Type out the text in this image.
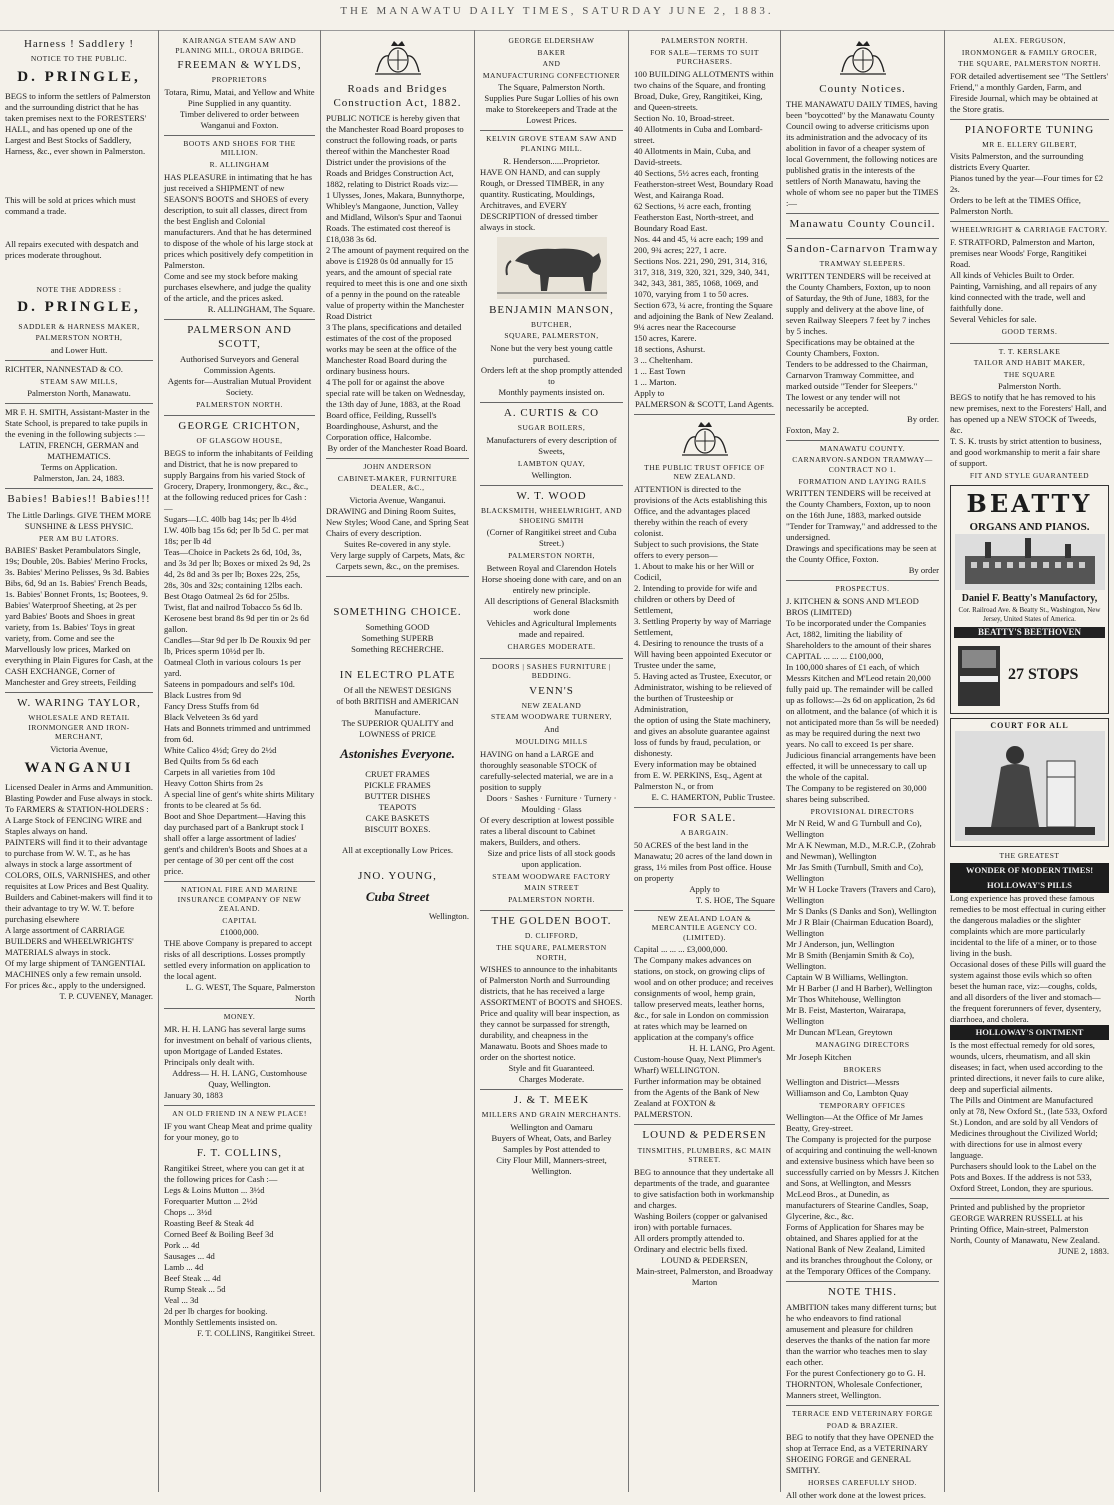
THE MANAWATU DAILY TIMES, SATURDAY JUNE 2, 1883.
Harness ! Saddlery !
NOTICE TO THE PUBLIC.
D. PRINGLE,
BEGS to inform the settlers of Palmerston and the surrounding district that he has taken premises next to the FORESTERS' HALL, and has opened up one of the Largest and Best Stocks of Saddlery, Harness, &c., ever shown in Palmerston.
This will be sold at prices which must command a trade.
All repairs executed with despatch and prices moderate throughout.
NOTE THE ADDRESS :
D. PRINGLE,
SADDLER & HARNESS MAKER,
PALMERSTON NORTH,
and Lower Hutt.
RICHTER, NANNESTAD & CO.
STEAM SAW MILLS,
Palmerston North, Manawatu.
MR F. H. SMITH, Assistant-Master in the State School, is prepared to take pupils in the evening in the following subjects :—
LATIN, FRENCH, GERMAN and MATHEMATICS.
Terms on Application.
Palmerston, Jan. 24, 1883.
Babies! Babies!! Babies!!!
The Little Darlings. GIVE THEM MORE SUNSHINE & LESS PHYSIC.
PER AM BU LATORS.
BABIES' Basket Perambulators Single, 19s; Double, 20s. Babies' Merino Frocks, 3s. Babies' Merino Pelisses, 9s 3d. Babies Bibs, 6d, 9d an 1s. Babies' French Beads, 1s. Babies' Bonnet Fronts, 1s; Bootees, 9. Babies' Waterproof Sheeting, at 2s per yard Babies' Boots and Shoes in great variety, from 1s. Babies' Toys in great variety, from. Come and see the Marvellously low prices, Marked on everything in Plain Figures for Cash, at the CASH EXCHANGE, Corner of Manchester and Grey streets, Feilding
W. WARING TAYLOR,
WHOLESALE AND RETAIL IRONMONGER AND IRON-MERCHANT,
Victoria Avenue,
WANGANUI
Licensed Dealer in Arms and Ammunition. Blasting Powder and Fuse always in stock.
To FARMERS & STATION-HOLDERS : A Large Stock of FENCING WIRE and Staples always on hand.
PAINTERS will find it to their advantage to purchase from W. W. T., as he has always in stock a large assortment of COLORS, OILS, VARNISHES, and other requisites at Low Prices and Best Quality.
Builders and Cabinet-makers will find it to their advantage to try W. W. T. before purchasing elsewhere
A large assortment of CARRIAGE BUILDERS and WHEELWRIGHTS' MATERIALS always in stock.
Of my large shipment of TANGENTIAL MACHINES only a few remain unsold. For prices &c., apply to the undersigned.
T. P. CUVENEY, Manager.
KAIRANGA STEAM SAW AND PLANING MILL, OROUA BRIDGE.
FREEMAN & WYLDS,
PROPRIETORS
Totara, Rimu, Matai, and Yellow and White Pine Supplied in any quantity.
Timber delivered to order between Wanganui and Foxton.
BOOTS AND SHOES FOR THE MILLION.
R. ALLINGHAM
HAS PLEASURE in intimating that he has just received a SHIPMENT of new SEASON'S BOOTS and SHOES of every description, to suit all classes, direct from the best English and Colonial manufacturers. And that he has determined to dispose of the whole of his large stock at prices which positively defy competition in Palmerston.
Come and see my stock before making purchases elsewhere, and judge the quality of the article, and the prices asked.
R. ALLINGHAM, The Square.
PALMERSON AND SCOTT,
Authorised Surveyors and General Commission Agents.
Agents for—Australian Mutual Provident Society.
PALMERSTON NORTH.
GEORGE CRICHTON,
OF GLASGOW HOUSE,
BEGS to inform the inhabitants of Feilding and District, that he is now prepared to supply Bargains from his varied Stock of Grocery, Drapery, Ironmongery, &c., &c., at the following reduced prices for Cash :—
Sugars—I.C. 40lb bag 14s; per lb 4½d
I.W. 40lb bag 15s 6d; per lb 5d C. per mat 18s; per lb 4d
Teas—Choice in Packets 2s 6d, 10d, 3s, and 3s 3d per lb; Boxes or mixed 2s 9d, 2s 4d, 2s 8d and 3s per lb; Boxes 22s, 25s, 28s, 30s and 32s; containing 12lbs each.
Best Otago Oatmeal 2s 6d for 25lbs.
Twist, flat and nailrod Tobacco 5s 6d lb.
Kerosene best brand 8s 9d per tin or 2s 6d gallon.
Candles—Star 9d per lb De Rouxix 9d per lb, Prices sperm 10½d per lb.
Oatmeal Cloth in various colours 1s per yard.
Sateens in pompadours and self's 10d.
Black Lustres from 9d
Fancy Dress Stuffs from 6d
Black Velveteen 3s 6d yard
Hats and Bonnets trimmed and untrimmed from 6d.
White Calico 4½d; Grey do 2½d
Bed Quilts from 5s 6d each
Carpets in all varieties from 10d
Heavy Cotton Shirts from 2s
A special line of gent's white shirts Military fronts to be cleared at 5s 6d.
Boot and Shoe Department—Having this day purchased part of a Bankrupt stock I shall offer a large assortment of ladies' gent's and children's Boots and Shoes at a per centage of 30 per cent off the cost price.
NATIONAL FIRE AND MARINE INSURANCE COMPANY OF NEW ZEALAND.
CAPITAL
£1000,000.
THE above Company is prepared to accept risks of all descriptions. Losses promptly settled every information on application to the local agent.
L. G. WEST, The Square, Palmerston North
MONEY.
MR. H. H. LANG has several large sums for investment on behalf of various clients, upon Mortgage of Landed Estates. Principals only dealt with.
Address— H. H. LANG, Customhouse Quay, Wellington.
January 30, 1883
AN OLD FRIEND IN A NEW PLACE!
IF you want Cheap Meat and prime quality for your money, go to
F. T. COLLINS,
Rangitikei Street, where you can get it at the following prices for Cash :—
Legs & Loins Mutton ... 3½d
Forequarter Mutton ... 2½d
Chops ... 3½d
Roasting Beef & Steak 4d
Corned Beef & Boiling Beef 3d
Pork ... 4d
Sausages ... 4d
Lamb ... 4d
Beef Steak ... 4d
Rump Steak ... 5d
Veal ... 3d
2d per lb charges for booking.
Monthly Settlements insisted on.
F. T. COLLINS, Rangitikei Street.
Roads and Bridges Construction Act, 1882.
PUBLIC NOTICE is hereby given that the Manchester Road Board proposes to construct the following roads, or parts thereof within the Manchester Road District under the provisions of the Roads and Bridges Construction Act, 1882, relating to District Roads viz:—
1 Ulysses, Jones, Makara, Bunnythorpe, Whibley's Mangaone, Junction, Valley and Midland, Wilson's Spur and Taonui Roads. The estimated cost thereof is £18,038 3s 6d.
2 The amount of payment required on the above is £1928 0s 0d annually for 15 years, and the amount of special rate required to meet this is one and one sixth of a penny in the pound on the rateable value of property within the Manchester Road District
3 The plans, specifications and detailed estimates of the cost of the proposed works may be seen at the office of the Manchester Road Board during the ordinary business hours.
4 The poll for or against the above special rate will be taken on Wednesday, the 13th day of June, 1883, at the Road Board office, Feilding, Russell's Boardinghouse, Ashurst, and the Corporation office, Halcombe.
By order of the Manchester Road Board.
JOHN ANDERSON
CABINET-MAKER, FURNITURE DEALER, &C.,
Victoria Avenue, Wanganui.
DRAWING and Dining Room Suites, New Styles; Wood Cane, and Spring Seat Chairs of every description.
Suites Re-covered in any style.
Very large supply of Carpets, Mats, &c
Carpets sewn, &c., on the premises.
SOMETHING CHOICE.
Something GOOD
Something SUPERB
Something RECHERCHE.
IN ELECTRO PLATE
Of all the NEWEST DESIGNS
of both BRITISH and AMERICAN
Manufacture.
The SUPERIOR QUALITY and LOWNESS of PRICE
Astonishes Everyone.
CRUET FRAMES
PICKLE FRAMES
BUTTER DISHES
TEAPOTS
CAKE BASKETS
BISCUIT BOXES.
All at exceptionally Low Prices.
JNO. YOUNG,
Cuba Street
Wellington.
GEORGE ELDERSHAW
BAKER
AND
MANUFACTURING CONFECTIONER
The Square, Palmerston North.
Supplies Pure Sugar Lollies of his own make to Storekeepers and Trade at the Lowest Prices.
KELVIN GROVE STEAM SAW AND PLANING MILL.
R. Henderson......Proprietor.
HAVE ON HAND, and can supply Rough, or Dressed TIMBER, in any quantity. Rusticating, Mouldings, Architraves, and EVERY DESCRIPTION of dressed timber always in stock.
BENJAMIN MANSON,
BUTCHER,
SQUARE, PALMERSTON,
None but the very best young cattle purchased.
Orders left at the shop promptly attended to
Monthly payments insisted on.
A. CURTIS & CO
SUGAR BOILERS,
Manufacturers of every description of Sweets,
LAMBTON QUAY,
Wellington.
W. T. WOOD
BLACKSMITH, WHEELWRIGHT, AND SHOEING SMITH
(Corner of Rangitikei street and Cuba Street.)
PALMERSTON NORTH,
Between Royal and Clarendon Hotels
Horse shoeing done with care, and on an entirely new principle.
All descriptions of General Blacksmith work done
Vehicles and Agricultural Implements made and repaired.
CHARGES MODERATE.
DOORS | SASHES FURNITURE | BEDDING.
VENN'S
NEW ZEALAND
STEAM WOODWARE TURNERY,
And
MOULDING MILLS
HAVING on hand a LARGE and thoroughly seasonable STOCK of carefully-selected material, we are in a position to supply
Doors · Sashes · Furniture · Turnery · Moulding · Glass
Of every description at lowest possible rates a liberal discount to Cabinet makers, Builders, and others.
Size and price lists of all stock goods upon application.
STEAM WOODWARE FACTORY
MAIN STREET
PALMERSTON NORTH.
THE GOLDEN BOOT.
D. CLIFFORD,
THE SQUARE, PALMERSTON NORTH,
WISHES to announce to the inhabitants of Palmerston North and Surrounding districts, that he has received a large ASSORTMENT of BOOTS and SHOES. Price and quality will bear inspection, as they cannot be surpassed for strength, durability, and cheapness in the Manawatu. Boots and Shoes made to order on the shortest notice.
Style and fit Guaranteed.
Charges Moderate.
J. & T. MEEK
MILLERS AND GRAIN MERCHANTS.
Wellington and Oamaru
Buyers of Wheat, Oats, and Barley
Samples by Post attended to
City Flour Mill, Manners-street, Wellington.
PALMERSTON NORTH.
FOR SALE—TERMS TO SUIT PURCHASERS.
100 BUILDING ALLOTMENTS within two chains of the Square, and fronting Broad, Duke, Grey, Rangitikei, King, and Queen-streets.
Section No. 10, Broad-street.
40 Allotments in Cuba and Lombard-street.
40 Allotments in Main, Cuba, and David-streets.
40 Sections, 5½ acres each, fronting Featherston-street West, Boundary Road West, and Kairanga Road.
62 Sections, ½ acre each, fronting Featherston East, North-street, and Boundary Road East.
Nos. 44 and 45, ¼ acre each; 199 and 200, 9¾ acres; 227, 1 acre.
Sections Nos. 221, 290, 291, 314, 316, 317, 318, 319, 320, 321, 329, 340, 341, 342, 343, 381, 385, 1068, 1069, and 1070, varying from 1 to 50 acres.
Section 673, ¼ acre, fronting the Square and adjoining the Bank of New Zealand.
9¼ acres near the Racecourse
150 acres, Karere.
18 sections, Ashurst.
3 ... Cheltenham.
1 ... East Town
1 ... Marton.
Apply to
PALMERSON & SCOTT, Land Agents.
THE PUBLIC TRUST OFFICE OF NEW ZEALAND.
ATTENTION is directed to the provisions of the Acts establishing this Office, and the advantages placed thereby within the reach of every colonist.
Subject to such provisions, the State offers to every person—
1. About to make his or her Will or Codicil,
2. Intending to provide for wife and children or others by Deed of Settlement,
3. Settling Property by way of Marriage Settlement,
4. Desiring to renounce the trusts of a Will having been appointed Executor or Trustee under the same,
5. Having acted as Trustee, Executor, or Administrator, wishing to be relieved of the burthen of Trusteeship or Administration,
the option of using the State machinery, and gives an absolute guarantee against loss of funds by fraud, peculation, or dishonesty.
Every information may be obtained from E. W. PERKINS, Esq., Agent at Palmerston N., or from
E. C. HAMERTON, Public Trustee.
FOR SALE.
A BARGAIN.
50 ACRES of the best land in the Manawatu; 20 acres of the land down in grass, 1½ miles from Post office. House on property
Apply to
T. S. HOE, The Square
NEW ZEALAND LOAN & MERCANTILE AGENCY CO. (LIMITED).
Capital ... ... ... £3,000,000.
The Company makes advances on stations, on stock, on growing clips of wool and on other produce; and receives consignments of wool, hemp grain, tallow preserved meats, leather horns, &c., for sale in London on commission at rates which may be learned on application at the company's office
H. H. LANG, Pro Agent.
Custom-house Quay, Next Plimmer's Wharf) WELLINGTON.
Further information may be obtained from the Agents of the Bank of New Zealand at FOXTON & PALMERSTON.
LOUND & PEDERSEN
TINSMITHS, PLUMBERS, &C MAIN STREET.
BEG to announce that they undertake all departments of the trade, and guarantee to give satisfaction both in workmanship and charges.
Washing Boilers (copper or galvanised iron) with portable furnaces.
All orders promptly attended to. Ordinary and electric bells fixed.
LOUND & PEDERSEN,
Main-street, Palmerston, and Broadway Marton
County Notices.
THE MANAWATU DAILY TIMES, having been "boycotted" by the Manawatu County Council owing to adverse criticisms upon its administration and the advocacy of its abolition in favor of a cheaper system of local Government, the following notices are published gratis in the interests of the settlers of North Manawatu, having the whole of whom see no paper but the TIMES :—
Manawatu County Council.
Sandon-Carnarvon Tramway
TRAMWAY SLEEPERS.
WRITTEN TENDERS will be received at the County Chambers, Foxton, up to noon of Saturday, the 9th of June, 1883, for the supply and delivery at the above line, of seven Railway Sleepers 7 feet by 7 inches by 5 inches.
Specifications may be obtained at the County Chambers, Foxton.
Tenders to be addressed to the Chairman, Carnarvon Tramway Committee, and marked outside "Tender for Sleepers."
The lowest or any tender will not necessarily be accepted.
By order.
Foxton, May 2.
MANAWATU COUNTY.
CARNARVON-SANDON TRAMWAY—CONTRACT NO 1.
FORMATION AND LAYING RAILS
WRITTEN TENDERS will be received at the County Chambers, Foxton, up to noon on the 16th June, 1883, marked outside "Tender for Tramway," and addressed to the undersigned.
Drawings and specifications may be seen at the County Office, Foxton.
By order
PROSPECTUS.
J. KITCHEN & SONS AND M'LEOD BROS (LIMITED)
To be incorporated under the Companies Act, 1882, limiting the liability of Shareholders to the amount of their shares
CAPITAL ... ... ... £100,000,
In 100,000 shares of £1 each, of which Messrs Kitchen and M'Leod retain 20,000 fully paid up. The remainder will be called up as follows:—2s 6d on application, 2s 6d on allotment, and the balance (of which it is not anticipated more than 5s will be needed) as may be required during the next two years. No call to exceed 1s per share. Judicious financial arrangements have been effected, it will be unnecessary to call up the whole of the capital.
The Company to be registered on 30,000 shares being subscribed.
PROVISIONAL DIRECTORS
Mr N Reid, W and G Turnbull and Co), Wellington
Mr A K Newman, M.D., M.R.C.P., (Zohrab and Newman), Wellington
Mr Jas Smith (Turnbull, Smith and Co), Wellington
Mr W H Locke Travers (Travers and Caro), Wellington
Mr S Danks (S Danks and Son), Wellington
Mr J R Blair (Chairman Education Board), Wellington
Mr J Anderson, jun, Wellington
Mr B Smith (Benjamin Smith & Co), Wellington.
Captain W B Williams, Wellington.
Mr H Barber (J and H Barber), Wellington
Mr Thos Whitehouse, Wellington
Mr B. Feist, Masterton, Wairarapa, Wellington
Mr Duncan M'Lean, Greytown
MANAGING DIRECTORS
Mr Joseph Kitchen
BROKERS
Wellington and District—Messrs Williamson and Co, Lambton Quay
TEMPORARY OFFICES
Wellington—At the Office of Mr James Beatty, Grey-street.
The Company is projected for the purpose of acquiring and continuing the well-known and extensive business which have been so successfully carried on by Messrs J. Kitchen and Sons, at Wellington, and Messrs McLeod Bros., at Dunedin, as manufacturers of Stearine Candles, Soap, Glycerine, &c., &c.
Forms of Application for Shares may be obtained, and Shares applied for at the National Bank of New Zealand, Limited and its branches throughout the Colony, or at the Temporary Offices of the Company.
NOTE THIS.
AMBITION takes many different turns; but he who endeavors to find rational amusement and pleasure for children deserves the thanks of the nation far more than the warrior who teaches men to slay each other.
For the purest Confectionery go to G. H. THORNTON, Wholesale Confectioner, Manners street, Wellington.
TERRACE END VETERINARY FORGE
POAD & BRAZIER.
BEG to notify that they have OPENED the shop at Terrace End, as a VETERINARY SHOEING FORGE and GENERAL SMITHY.
HORSES CAREFULLY SHOD.
All other work done at the lowest prices.
ALEX. FERGUSON,
IRONMONGER & FAMILY GROCER,
THE SQUARE, PALMERSTON NORTH.
FOR detailed advertisement see "The Settlers' Friend," a monthly Garden, Farm, and Fireside Journal, which may be obtained at the Store gratis.
PIANOFORTE TUNING
MR E. ELLERY GILBERT,
Visits Palmerston, and the surrounding districts Every Quarter.
Pianos tuned by the year—Four times for £2 2s.
Orders to be left at the TIMES Office, Palmerston North.
WHEELWRIGHT & CARRIAGE FACTORY.
F. STRATFORD, Palmerston and Marton, premises near Woods' Forge, Rangitikei Road.
All kinds of Vehicles Built to Order.
Painting, Varnishing, and all repairs of any kind connected with the trade, well and faithfully done.
Several Vehicles for sale.
GOOD TERMS.
T. T. KERSLAKE
TAILOR AND HABIT MAKER,
THE SQUARE
Palmerston North.
BEGS to notify that he has removed to his new premises, next to the Foresters' Hall, and has opened up a NEW STOCK of Tweeds, &c.
T. S. K. trusts by strict attention to business, and good workmanship to merit a fair share of support.
FIT AND STYLE GUARANTEED
BEATTY
ORGANS AND PIANOS.
Daniel F. Beatty's Manufactory,
Cor. Railroad Ave. & Beatty St., Washington, New Jersey, United States of America.
BEATTY'S BEETHOVEN
27 STOPS
COURT FOR ALL
THE GREATEST
WONDER OF MODERN TIMES!
HOLLOWAY'S PILLS
Long experience has proved these famous remedies to be most effectual in curing either the dangerous maladies or the slighter complaints which are more particularly incidental to the life of a miner, or to those living in the bush.
Occasional doses of these Pills will guard the system against those evils which so often beset the human race, viz:—coughs, colds, and all disorders of the liver and stomach—the frequent forerunners of fever, dysentery, diarrhoea, and cholera.
HOLLOWAY'S OINTMENT
Is the most effectual remedy for old sores, wounds, ulcers, rheumatism, and all skin diseases; in fact, when used according to the printed directions, it never fails to cure alike, deep and superficial ailments.
The Pills and Ointment are Manufactured only at 78, New Oxford St., (late 533, Oxford St.) London, and are sold by all Vendors of Medicines throughout the Civilized World; with directions for use in almost every language.
Purchasers should look to the Label on the Pots and Boxes. If the address is not 533, Oxford Street, London, they are spurious.
Printed and published by the proprietor GEORGE WARREN RUSSELL at his Printing Office, Main-street, Palmerston North, County of Manawatu, New Zealand.
JUNE 2, 1883.
